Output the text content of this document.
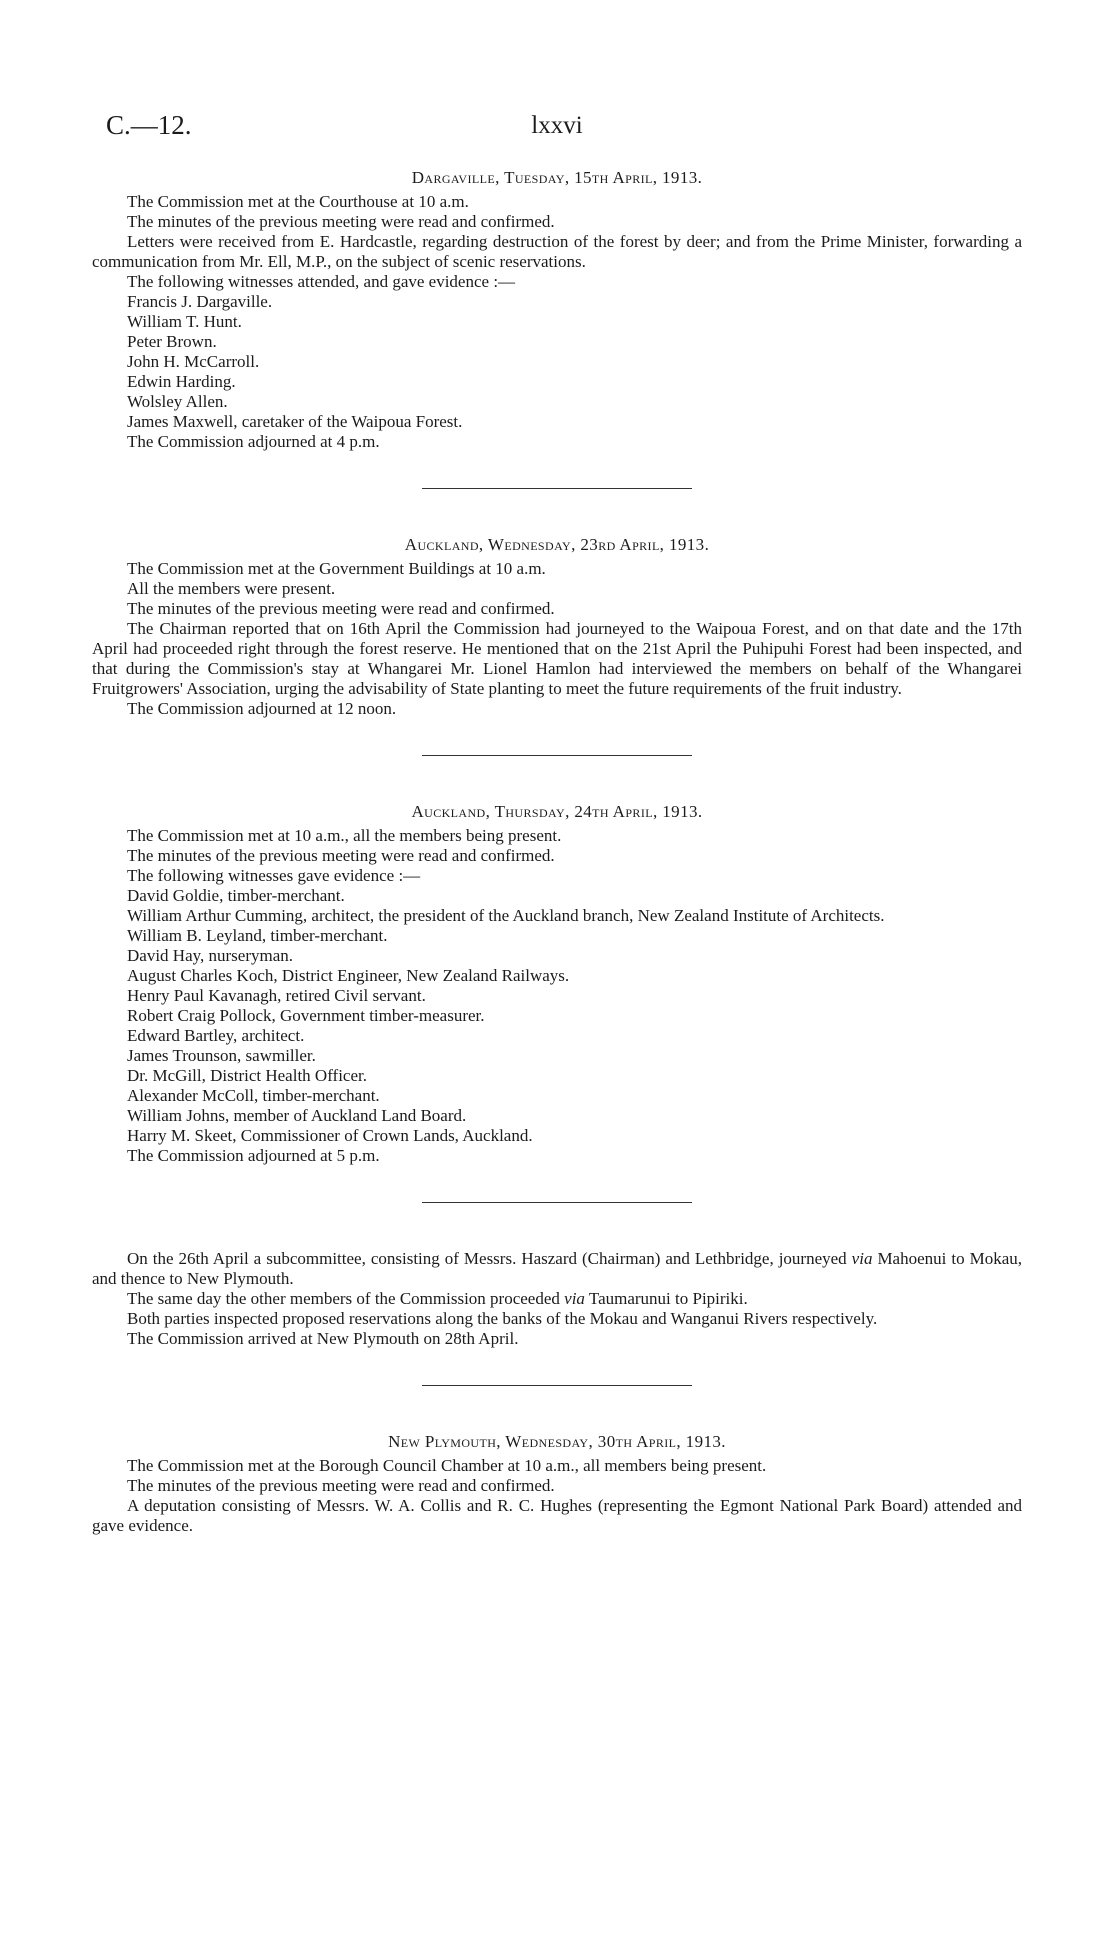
C.—12.	lxxvi
Dargaville, Tuesday, 15th April, 1913.

The Commission met at the Courthouse at 10 a.m.

The minutes of the previous meeting were read and confirmed.

Letters were received from E. Hardcastle, regarding destruction of the forest by deer; and from the Prime Minister, forwarding a communication from Mr. Ell, M.P., on the subject of scenic reservations.

The following witnesses attended, and gave evidence :—

Francis J. Dargaville.

William T. Hunt.

Peter Brown.

John H. McCarroll.

Edwin Harding.

Wolsley Allen.

James Maxwell, caretaker of the Waipoua Forest.

The Commission adjourned at 4 p.m.

Auckland, Wednesday, 23rd April, 1913.

The Commission met at the Government Buildings at 10 a.m.

All the members were present.

The minutes of the previous meeting were read and confirmed.

The Chairman reported that on 16th April the Commission had journeyed to the Waipoua Forest, and on that date and the 17th April had proceeded right through the forest reserve. He mentioned that on the 21st April the Puhipuhi Forest had been inspected, and that during the Commission's stay at Whangarei Mr. Lionel Hamlon had interviewed the members on behalf of the Whangarei Fruitgrowers' Association, urging the advisability of State planting to meet the future requirements of the fruit industry.

The Commission adjourned at 12 noon.

Auckland, Thursday, 24th April, 1913.

The Commission met at 10 a.m., all the members being present.

The minutes of the previous meeting were read and confirmed.

The following witnesses gave evidence :—

David Goldie, timber-merchant.

William Arthur Cumming, architect, the president of the Auckland branch, New Zealand Institute of Architects.

William B. Leyland, timber-merchant.

David Hay, nurseryman.

August Charles Koch, District Engineer, New Zealand Railways.

Henry Paul Kavanagh, retired Civil servant.

Robert Craig Pollock, Government timber-measurer.

Edward Bartley, architect.

James Trounson, sawmiller.

Dr. McGill, District Health Officer.

Alexander McColl, timber-merchant.

William Johns, member of Auckland Land Board.

Harry M. Skeet, Commissioner of Crown Lands, Auckland.

The Commission adjourned at 5 p.m.

On the 26th April a subcommittee, consisting of Messrs. Haszard (Chairman) and Lethbridge, journeyed via Mahoenui to Mokau, and thence to New Plymouth.

The same day the other members of the Commission proceeded via Taumarunui to Pipiriki.

Both parties inspected proposed reservations along the banks of the Mokau and Wanganui Rivers respectively.

The Commission arrived at New Plymouth on 28th April.

New Plymouth, Wednesday, 30th April, 1913.

The Commission met at the Borough Council Chamber at 10 a.m., all members being present.

The minutes of the previous meeting were read and confirmed.

A deputation consisting of Messrs. W. A. Collis and R. C. Hughes (representing the Egmont National Park Board) attended and gave evidence.
